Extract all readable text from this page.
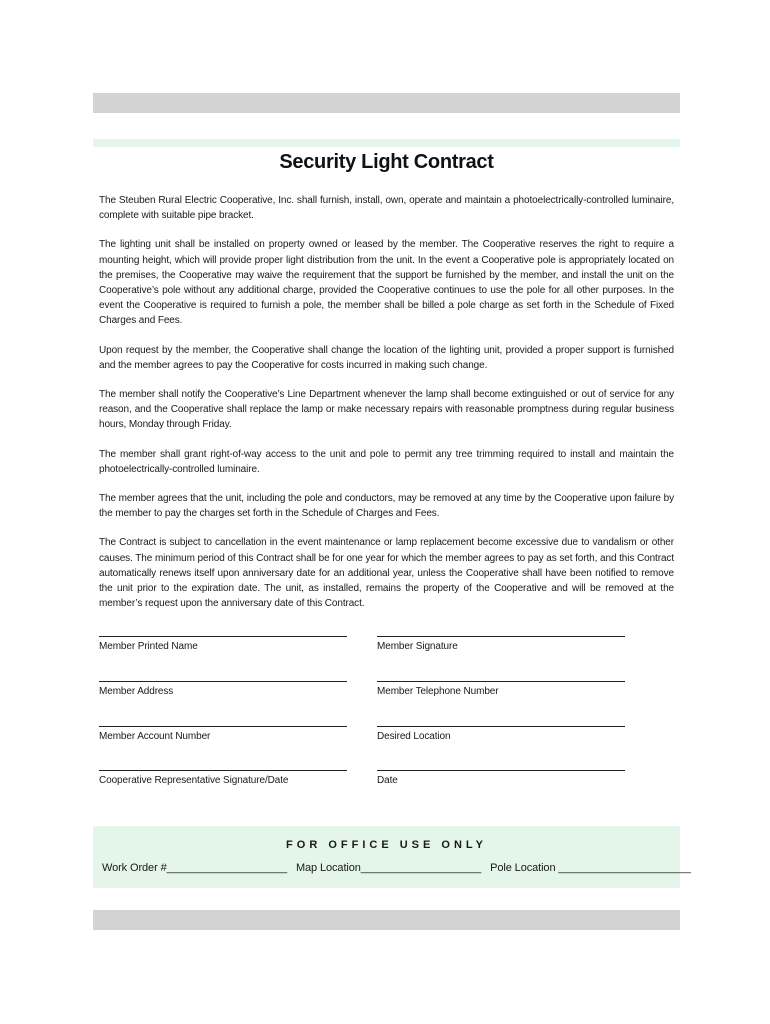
Security Light Contract

The Steuben Rural Electric Cooperative, Inc. shall furnish, install, own, operate and maintain a photoelectrically-controlled luminaire, complete with suitable pipe bracket.

The lighting unit shall be installed on property owned or leased by the member. The Cooperative reserves the right to require a mounting height, which will provide proper light distribution from the unit. In the event a Cooperative pole is appropriately located on the premises, the Cooperative may waive the requirement that the support be furnished by the member, and install the unit on the Cooperative’s pole without any additional charge, provided the Cooperative continues to use the pole for all other purposes. In the event the Cooperative is required to furnish a pole, the member shall be billed a pole charge as set forth in the Schedule of Fixed Charges and Fees.

Upon request by the member, the Cooperative shall change the location of the lighting unit, provided a proper support is furnished and the member agrees to pay the Cooperative for costs incurred in making such change.

The member shall notify the Cooperative’s Line Department whenever the lamp shall become extinguished or out of service for any reason, and the Cooperative shall replace the lamp or make necessary repairs with reasonable promptness during regular business hours, Monday through Friday.

The member shall grant right-of-way access to the unit and pole to permit any tree trimming required to install and maintain the photoelectrically-controlled luminaire.

The member agrees that the unit, including the pole and conductors, may be removed at any time by the Cooperative upon failure by the member to pay the charges set forth in the Schedule of Charges and Fees.

The Contract is subject to cancellation in the event maintenance or lamp replacement become excessive due to vandalism or other causes. The minimum period of this Contract shall be for one year for which the member agrees to pay as set forth, and this Contract automatically renews itself upon anniversary date for an additional year, unless the Cooperative shall have been notified to remove the unit prior to the expiration date. The unit, as installed, remains the property of the Cooperative and will be removed at the member’s request upon the anniversary date of this Contract.

Member Printed Name
Member Address
Member Account Number
Cooperative Representative Signature/Date
Member Signature
Member Telephone Number
Desired Location
Date
FOR OFFICE USE ONLY
Work Order #____________________ Map Location____________________ Pole Location ______________________
